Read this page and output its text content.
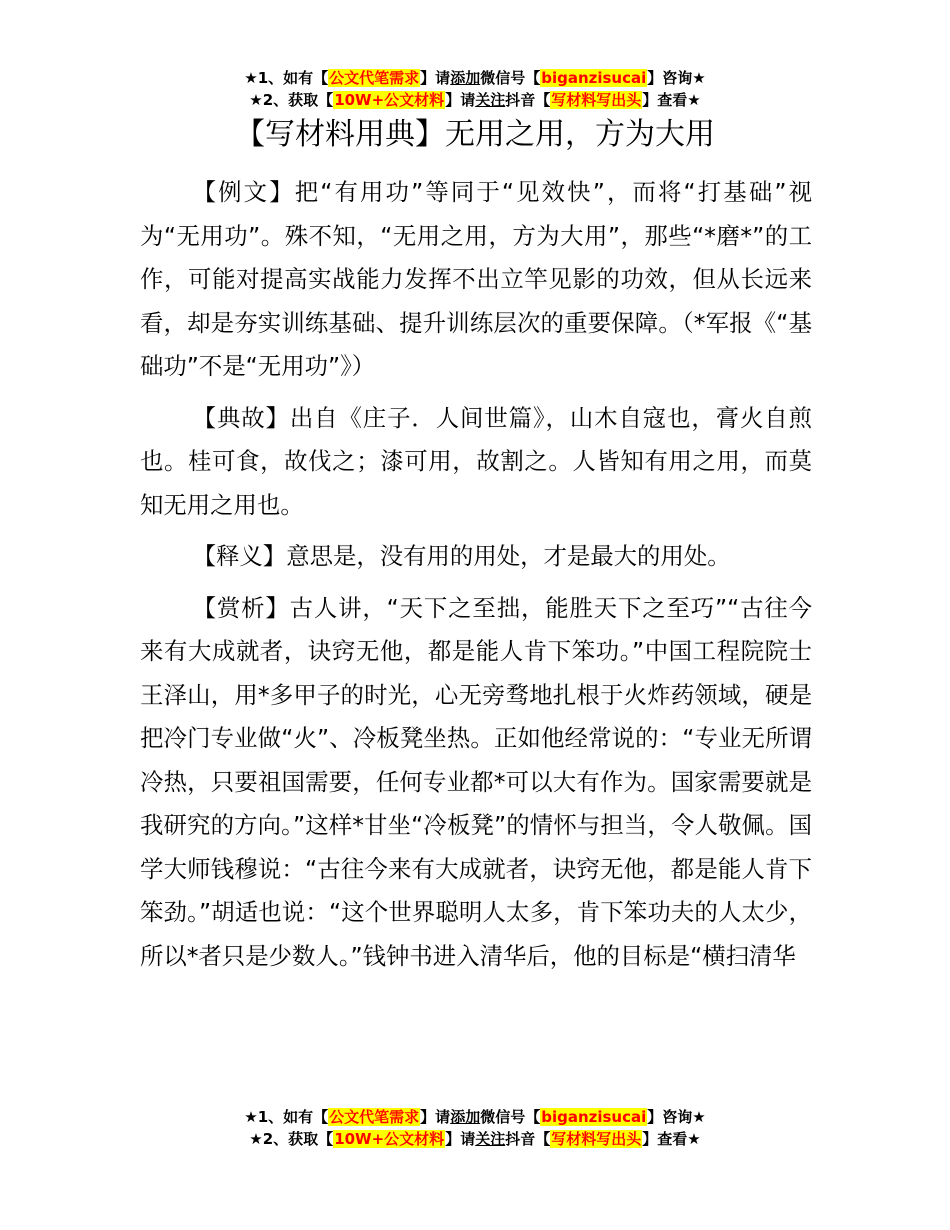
★1、如有【公文代笔需求】请添加微信号【biganzisucai】咨询★
★2、获取【10W+公文材料】请关注抖音【写材料写出头】查看★
【写材料用典】无用之用，方为大用

【例文】把“有用功”等同于“见效快”，而将“打基础”视为“无用功”。殊不知，“无用之用，方为大用”，那些“*磨*”的工作，可能对提高实战能力发挥不出立竿见影的功效，但从长远来看，却是夯实训练基础、提升训练层次的重要保障。（*军报《“基础功”不是“无用功”》）

【典故】出自《庄子．人间世篇》，山木自寇也，膏火自煎也。桂可食，故伐之；漆可用，故割之。人皆知有用之用，而莫知无用之用也。

【释义】意思是，没有用的用处，才是最大的用处。

【赏析】古人讲，“天下之至拙，能胜天下之至巧”“古往今来有大成就者，诀窍无他，都是能人肯下笨功。”中国工程院院士王泽山，用*多甲子的时光，心无旁骛地扎根于火炸药领域，硬是把冷门专业做“火”、冷板凳坐热。正如他经常说的：“专业无所谓冷热，只要祖国需要，任何专业都*可以大有作为。国家需要就是我研究的方向。”这样*甘坐“冷板凳”的情怀与担当，令人敬佩。国学大师钱穆说：“古往今来有大成就者，诀窍无他，都是能人肯下笨劲。”胡适也说：“这个世界聪明人太多，肯下笨功夫的人太少，所以*者只是少数人。”钱钟书进入清华后，他的目标是“横扫清华

★1、如有【公文代笔需求】请添加微信号【biganzisucai】咨询★
★2、获取【10W+公文材料】请关注抖音【写材料写出头】查看★
